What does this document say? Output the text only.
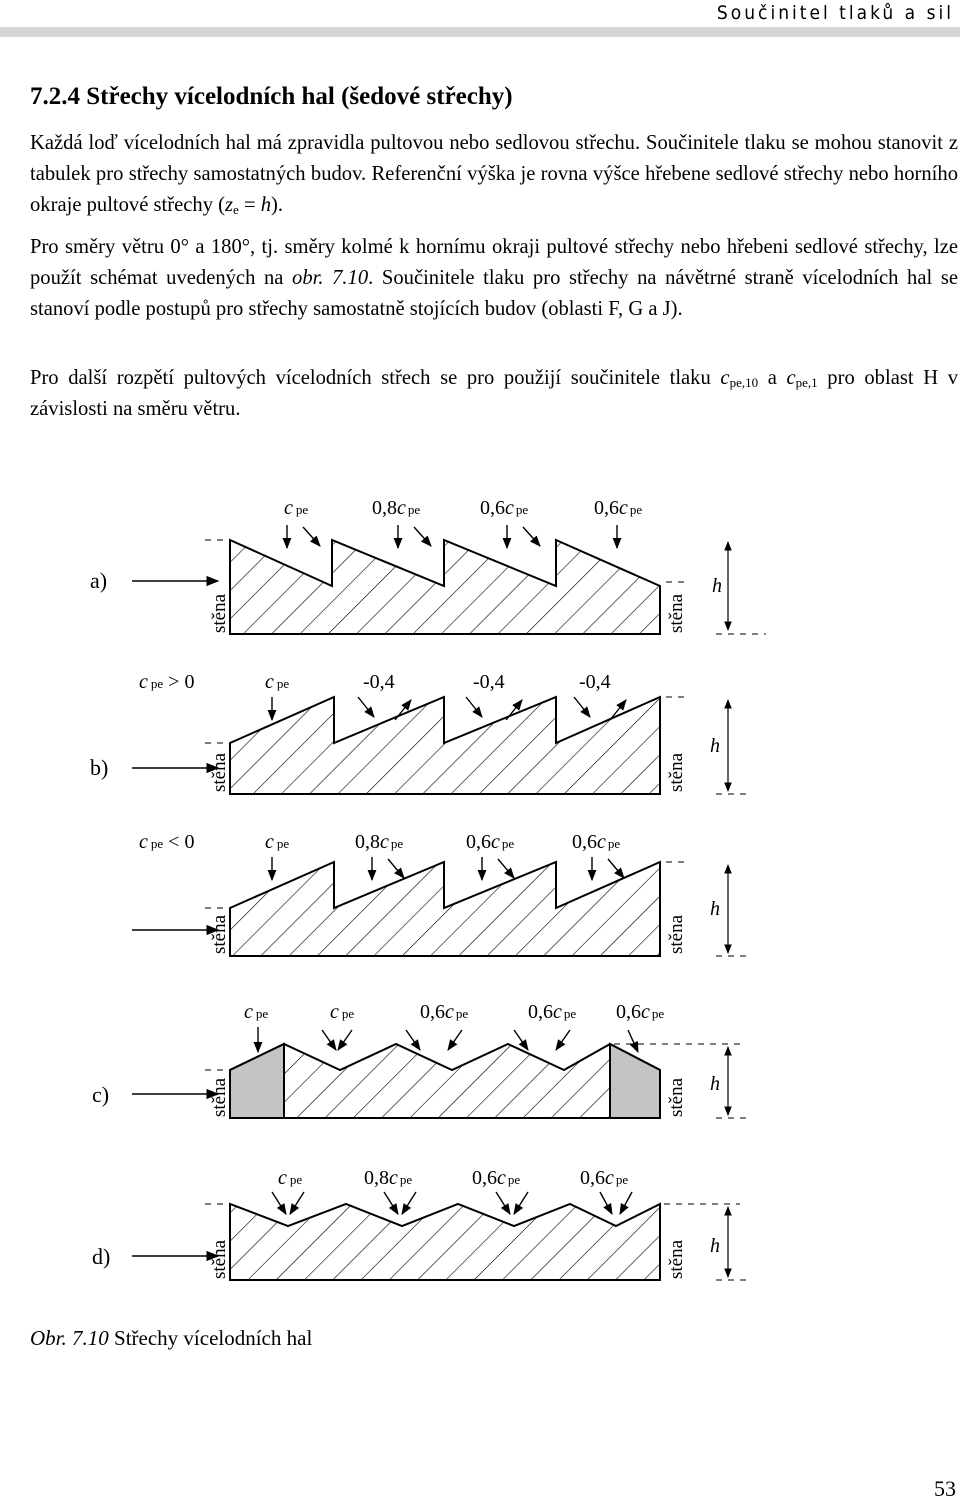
Součinitel tlaků a sil
7.2.4 Střechy vícelodních hal (šedové střechy)

Každá loď vícelodních hal má zpravidla pultovou nebo sedlovou střechu. Součinitele tlaku se mohou stanovit z tabulek pro střechy samostatných budov. Referenční výška je rovna výšce hřebene sedlové střechy nebo horního okraje pultové střechy $(z_e = h)$.

Pro směry větru 0° a 180°, tj. směry kolmé k hornímu okraji pultové střechy nebo hřebeni sedlové střechy, lze použít schémat uvedených na obr. 7.10. Součinitele tlaku pro střechy na návětrné straně vícelodních hal se stanoví podle postupů pro střechy samostatně stojících budov (oblasti F, G a J).

Pro další rozpětí pultových vícelodních střech se pro použijí součinitele tlaku $c_{pe,10}$ a $c_{pe,1}$ pro oblast H v závislosti na směru větru.

a)	h
stěna	stěna
cpe	0,8c pe	0,6c pe	0,6c pe
b)
h
stěna	stěna
cpe > 0	cpe	-0,4	-0,4	-0,4
h
stěna	stěna
cpe < 0	cpe	0,8c pe	0,6c pe	0,6c pe
c)	h
stěna	stěna
cpe	cpe	0,6c pe	0,6c pe 0,6c pe
d)	h
stěna	stěna
cpe	0,8c pe	0,6c pe	0,6c pe
Obr. 7.10 Střechy vícelodních hal
53
